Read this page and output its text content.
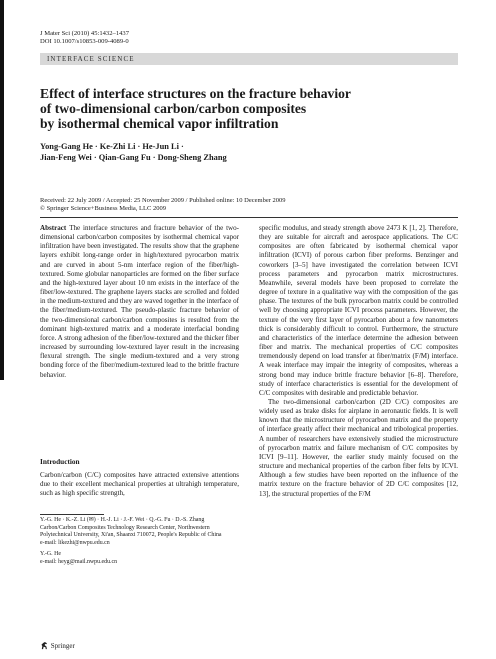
J Mater Sci (2010) 45:1432–1437
DOI 10.1007/s10853-009-4089-0
INTERFACE SCIENCE
Effect of interface structures on the fracture behavior
of two-dimensional carbon/carbon composites
by isothermal chemical vapor infiltration
Yong-Gang He · Ke-Zhi Li · He-Jun Li ·
Jian-Feng Wei · Qian-Gang Fu · Dong-Sheng Zhang
Received: 22 July 2009 / Accepted: 25 November 2009 / Published online: 10 December 2009
© Springer Science+Business Media, LLC 2009

Abstract The interface structures and fracture behavior of the two-dimensional carbon/carbon composites by isothermal chemical vapor infiltration have been investigated. The results show that the graphene layers exhibit long-range order in high/textured pyrocarbon matrix and are curved in about 5-nm interface region of the fiber/high-textured. Some globular nanoparticles are formed on the fiber surface and the high-textured layer about 10 nm exists in the interface of the fiber/low-textured. The graphene layers stacks are scrolled and folded in the medium-textured and they are waved together in the interface of the fiber/medium-textured. The pseudo-plastic fracture behavior of the two-dimensional carbon/carbon composites is resulted from the dominant high-textured matrix and a moderate interfacial bonding force. A strong adhesion of the fiber/low-textured and the thicker fiber increased by surrounding low-textured layer result in the increasing flexural strength. The single medium-textured and a very strong bonding force of the fiber/medium-textured lead to the brittle fracture behavior.

Introduction

Carbon/carbon (C/C) composites have attracted extensive attentions due to their excellent mechanical properties at ultrahigh temperature, such as high specific strength,

Y.-G. He · K.-Z. Li (✉) · H.-J. Li · J.-F. Wei · Q.-G. Fu · D.-S. Zhang
Carbon/Carbon Composites Technology Research Center, Northwestern Polytechnical University, Xi'an, Shaanxi 710072, People's Republic of China
e-mail: likezhi@nwpu.edu.cn
Y.-G. He
e-mail: heyg@mail.nwpu.edu.cn

specific modulus, and steady strength above 2473 K [1, 2]. Therefore, they are suitable for aircraft and aerospace applications. The C/C composites are often fabricated by isothermal chemical vapor infiltration (ICVI) of porous carbon fiber preforms. Benzinger and coworkers [3–5] have investigated the correlation between ICVI process parameters and pyrocarbon matrix microstructures. Meanwhile, several models have been proposed to correlate the degree of texture in a qualitative way with the composition of the gas phase. The textures of the bulk pyrocarbon matrix could be controlled well by choosing appropriate ICVI process parameters. However, the texture of the very first layer of pyrocarbon about a few nanometers thick is considerably difficult to control. Furthermore, the structure and characteristics of the interface determine the adhesion between fiber and matrix. The mechanical properties of C/C composites tremendously depend on load transfer at fiber/matrix (F/M) interface. A weak interface may impair the integrity of composites, whereas a strong bond may induce brittle fracture behavior [6–8]. Therefore, study of interface characteristics is essential for the development of C/C composites with desirable and predictable behavior.

The two-dimensional carbon/carbon (2D C/C) composites are widely used as brake disks for airplane in aeronautic fields. It is well known that the microstructure of pyrocarbon matrix and the property of interface greatly affect their mechanical and tribological properties. A number of researchers have extensively studied the microstructure of pyrocarbon matrix and failure mechanism of C/C composites by ICVI [9–11]. However, the earlier study mainly focused on the structure and mechanical properties of the carbon fiber felts by ICVI. Although a few studies have been reported on the influence of the matrix texture on the fracture behavior of 2D C/C composites [12, 13], the structural properties of the F/M

Springer
